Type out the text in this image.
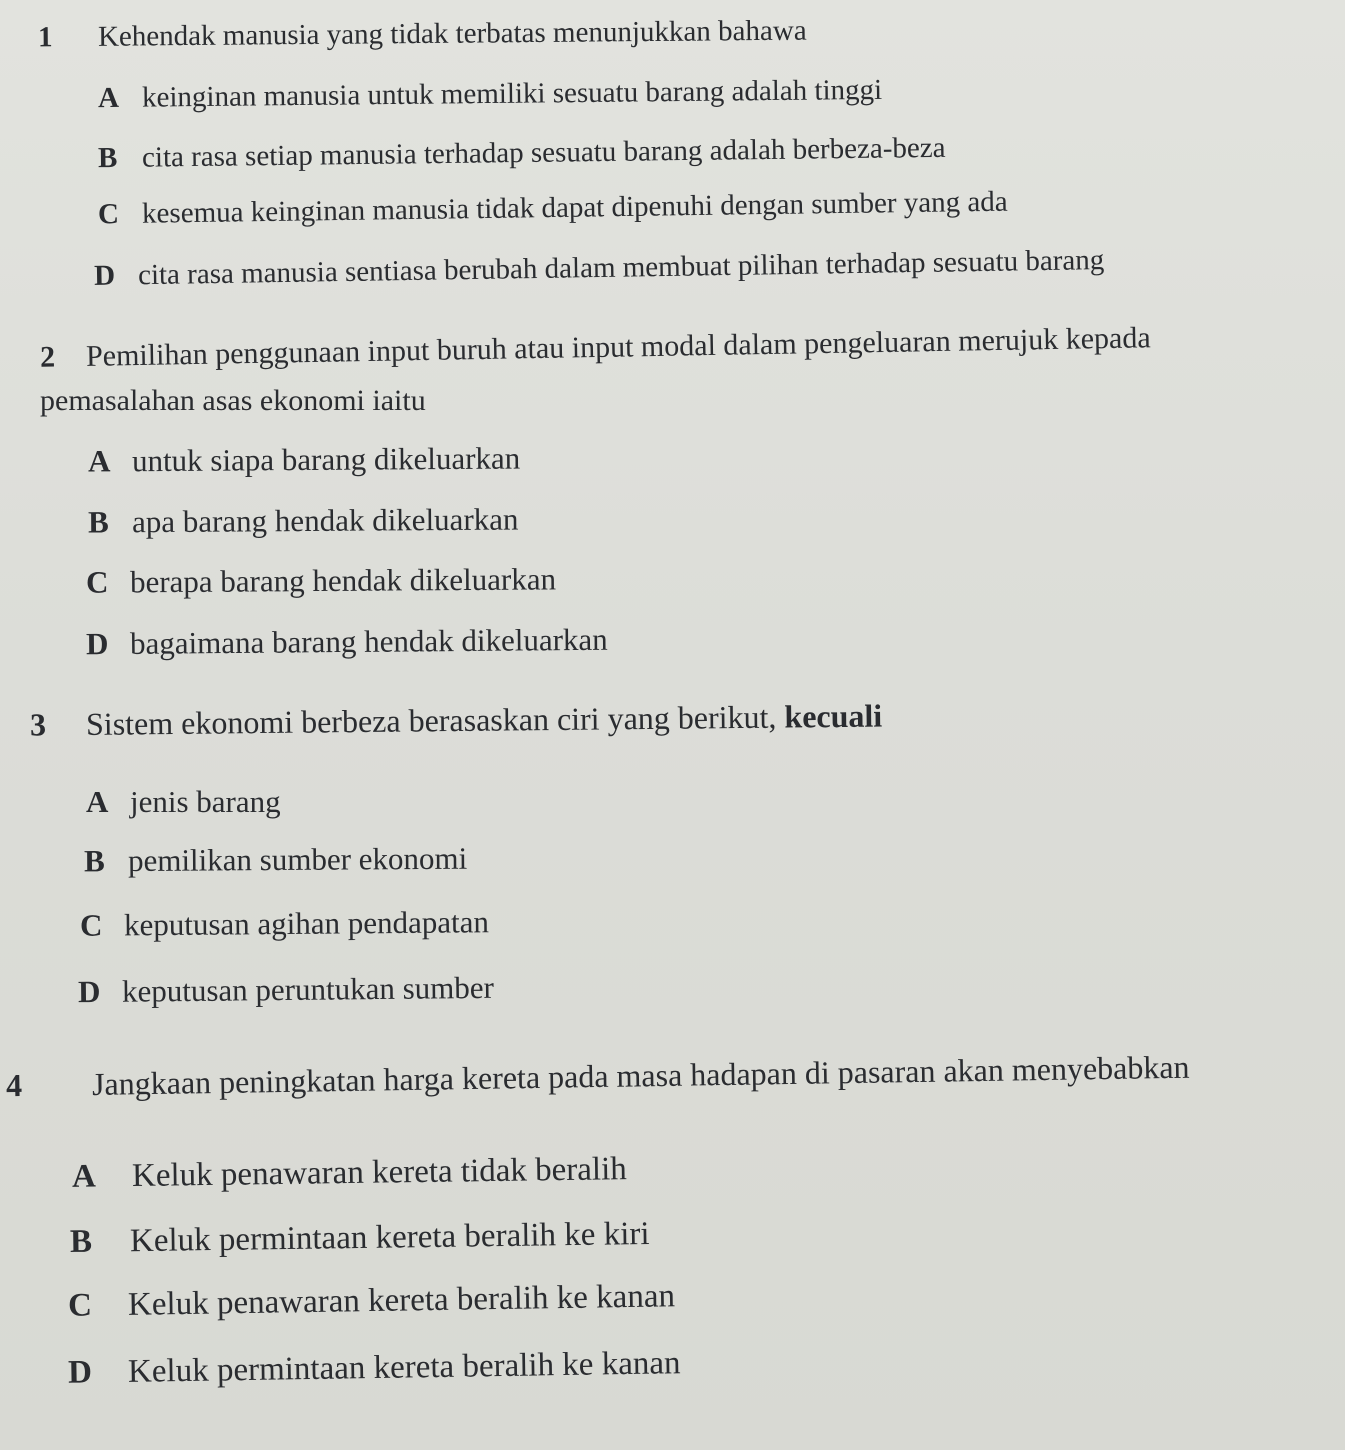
1 Kehendak manusia yang tidak terbatas menunjukkan bahawa
A keinginan manusia untuk memiliki sesuatu barang adalah tinggi
B cita rasa setiap manusia terhadap sesuatu barang adalah berbeza-beza
C kesemua keinginan manusia tidak dapat dipenuhi dengan sumber yang ada
D cita rasa manusia sentiasa berubah dalam membuat pilihan terhadap sesuatu barang
2 Pemilihan penggunaan input buruh atau input modal dalam pengeluaran merujuk kepada
pemasalahan asas ekonomi iaitu
A untuk siapa barang dikeluarkan
B apa barang hendak dikeluarkan
C berapa barang hendak dikeluarkan
D bagaimana barang hendak dikeluarkan
3 Sistem ekonomi berbeza berasaskan ciri yang berikut, kecuali
A jenis barang
B pemilikan sumber ekonomi
C keputusan agihan pendapatan
D keputusan peruntukan sumber
4 Jangkaan peningkatan harga kereta pada masa hadapan di pasaran akan menyebabkan
A Keluk penawaran kereta tidak beralih
B Keluk permintaan kereta beralih ke kiri
C Keluk penawaran kereta beralih ke kanan
D Keluk permintaan kereta beralih ke kanan
